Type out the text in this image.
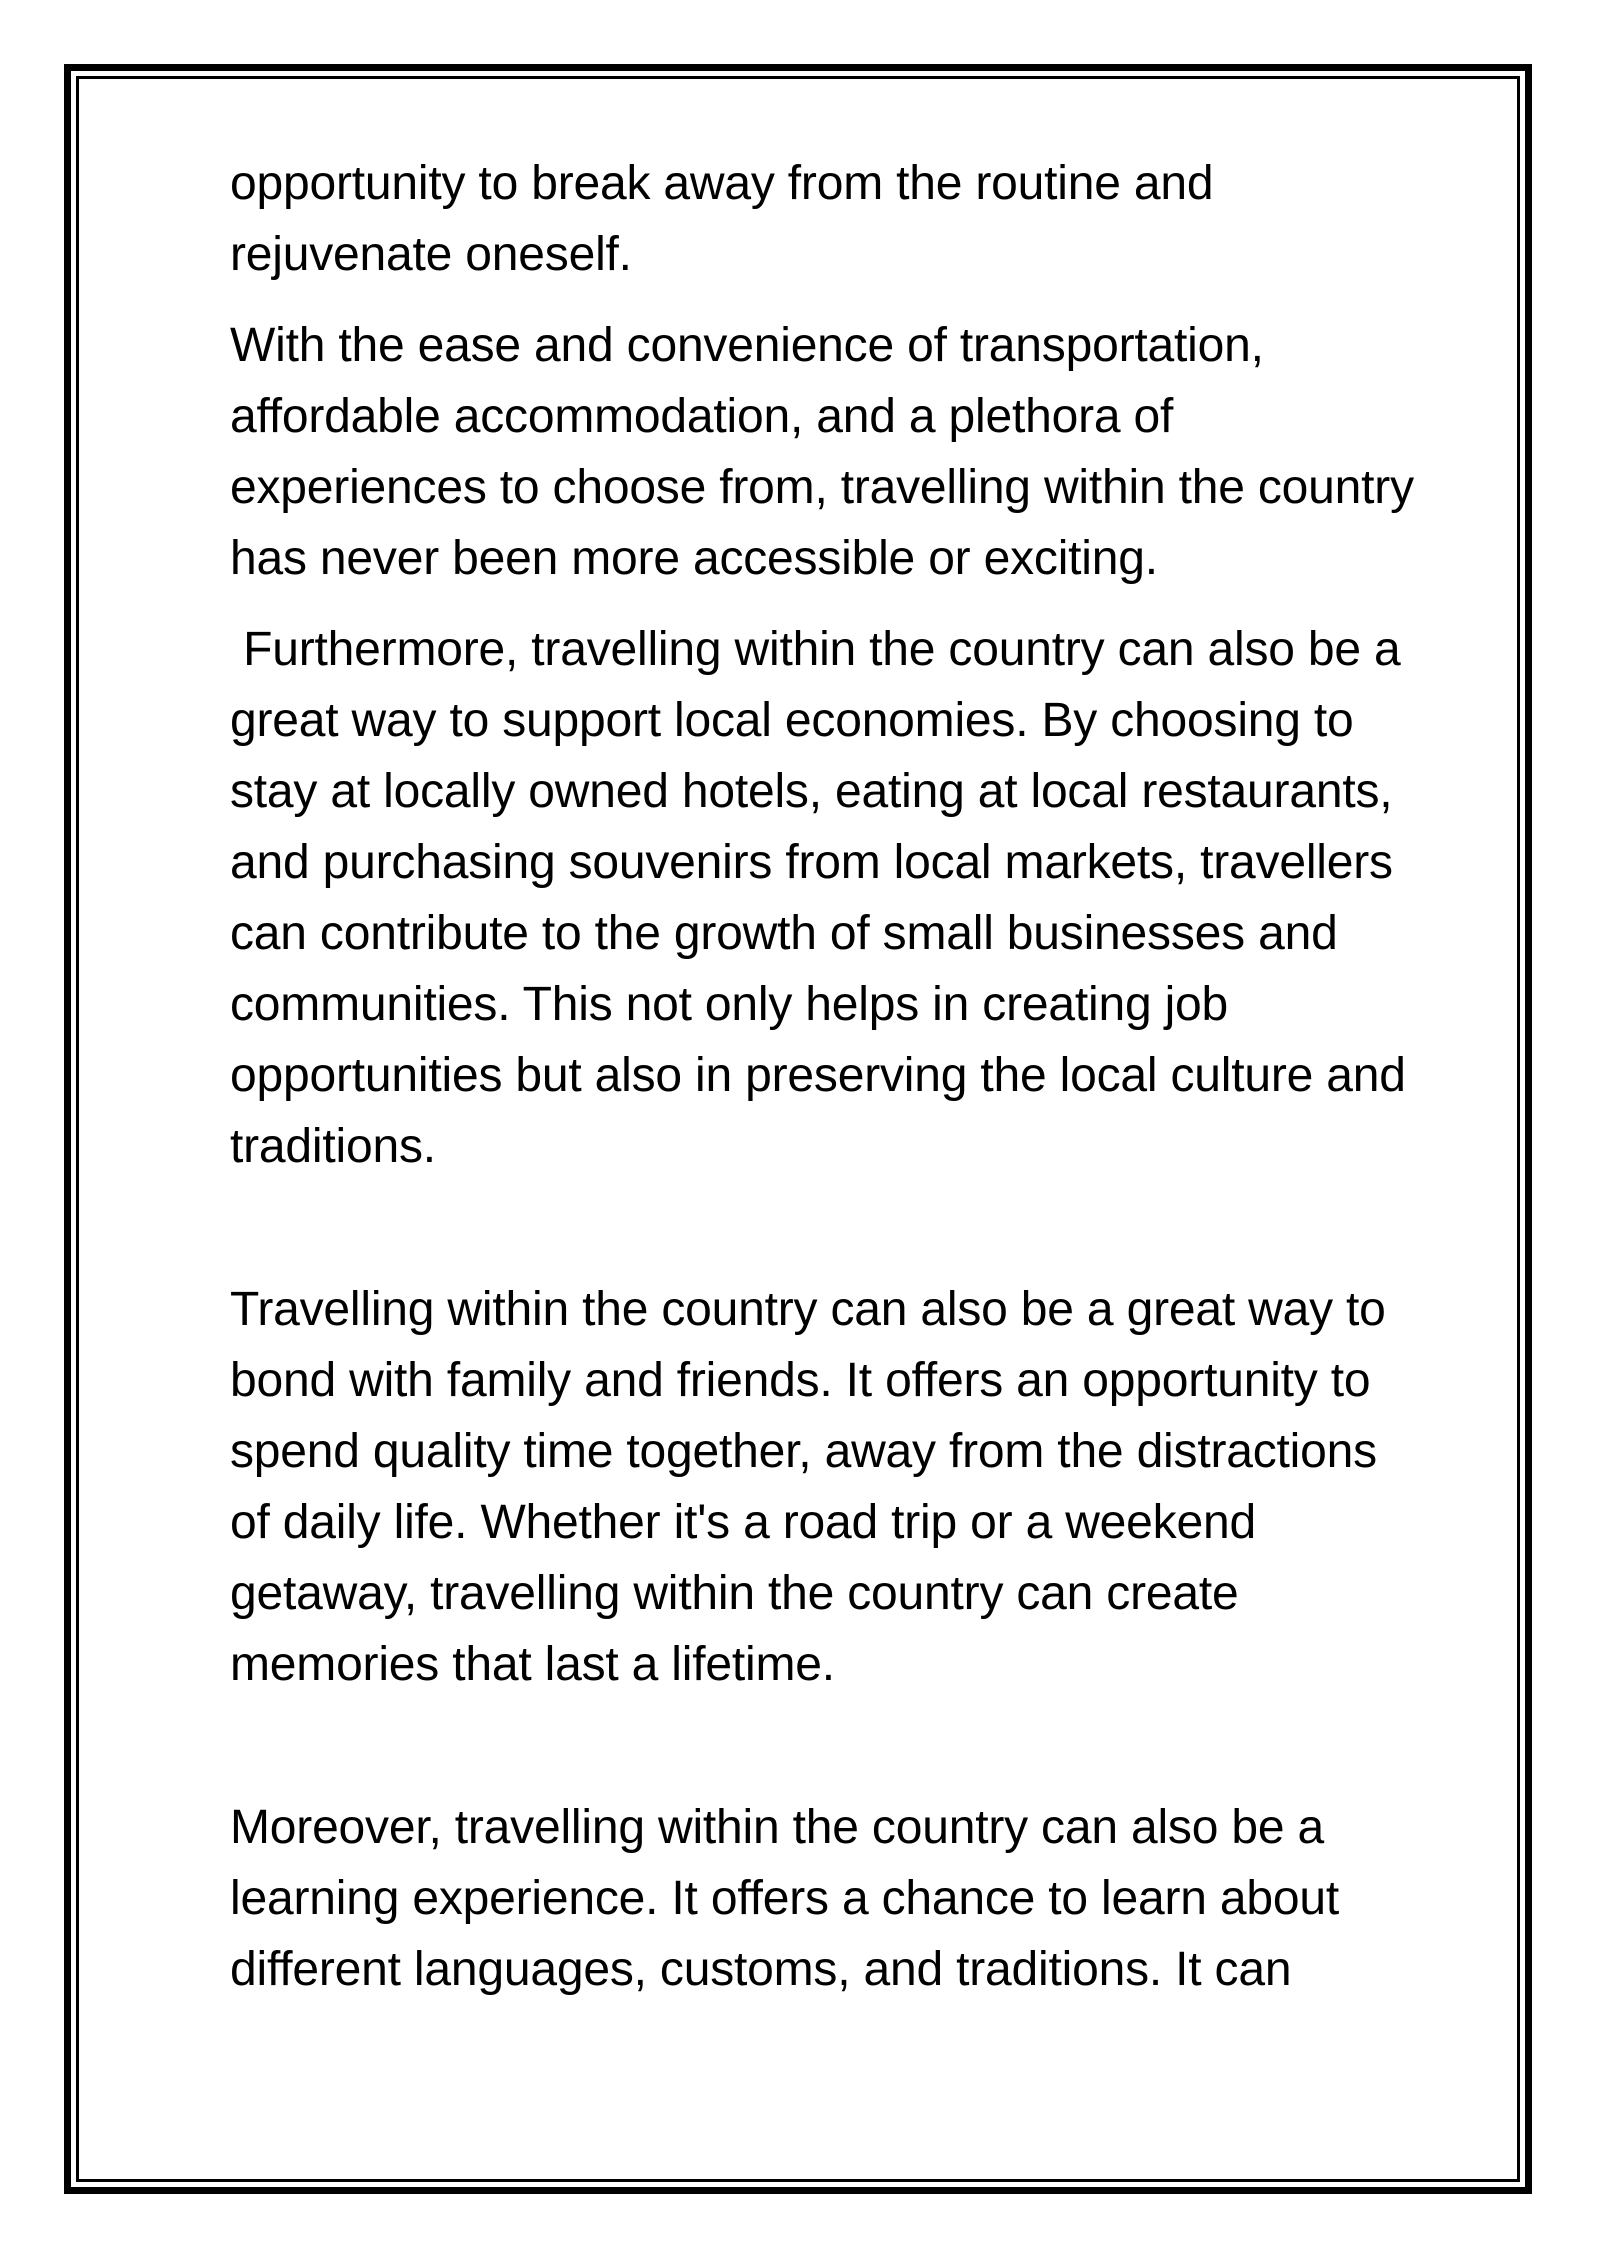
opportunity to break away from the routine and
rejuvenate oneself.

With the ease and convenience of transportation,
affordable accommodation, and a plethora of
experiences to choose from, travelling within the country
has never been more accessible or exciting.

Furthermore, travelling within the country can also be a
great way to support local economies. By choosing to
stay at locally owned hotels, eating at local restaurants,
and purchasing souvenirs from local markets, travellers
can contribute to the growth of small businesses and
communities. This not only helps in creating job
opportunities but also in preserving the local culture and
traditions.

Travelling within the country can also be a great way to
bond with family and friends. It offers an opportunity to
spend quality time together, away from the distractions
of daily life. Whether it's a road trip or a weekend
getaway, travelling within the country can create
memories that last a lifetime.

Moreover, travelling within the country can also be a
learning experience. It offers a chance to learn about
different languages, customs, and traditions. It can
